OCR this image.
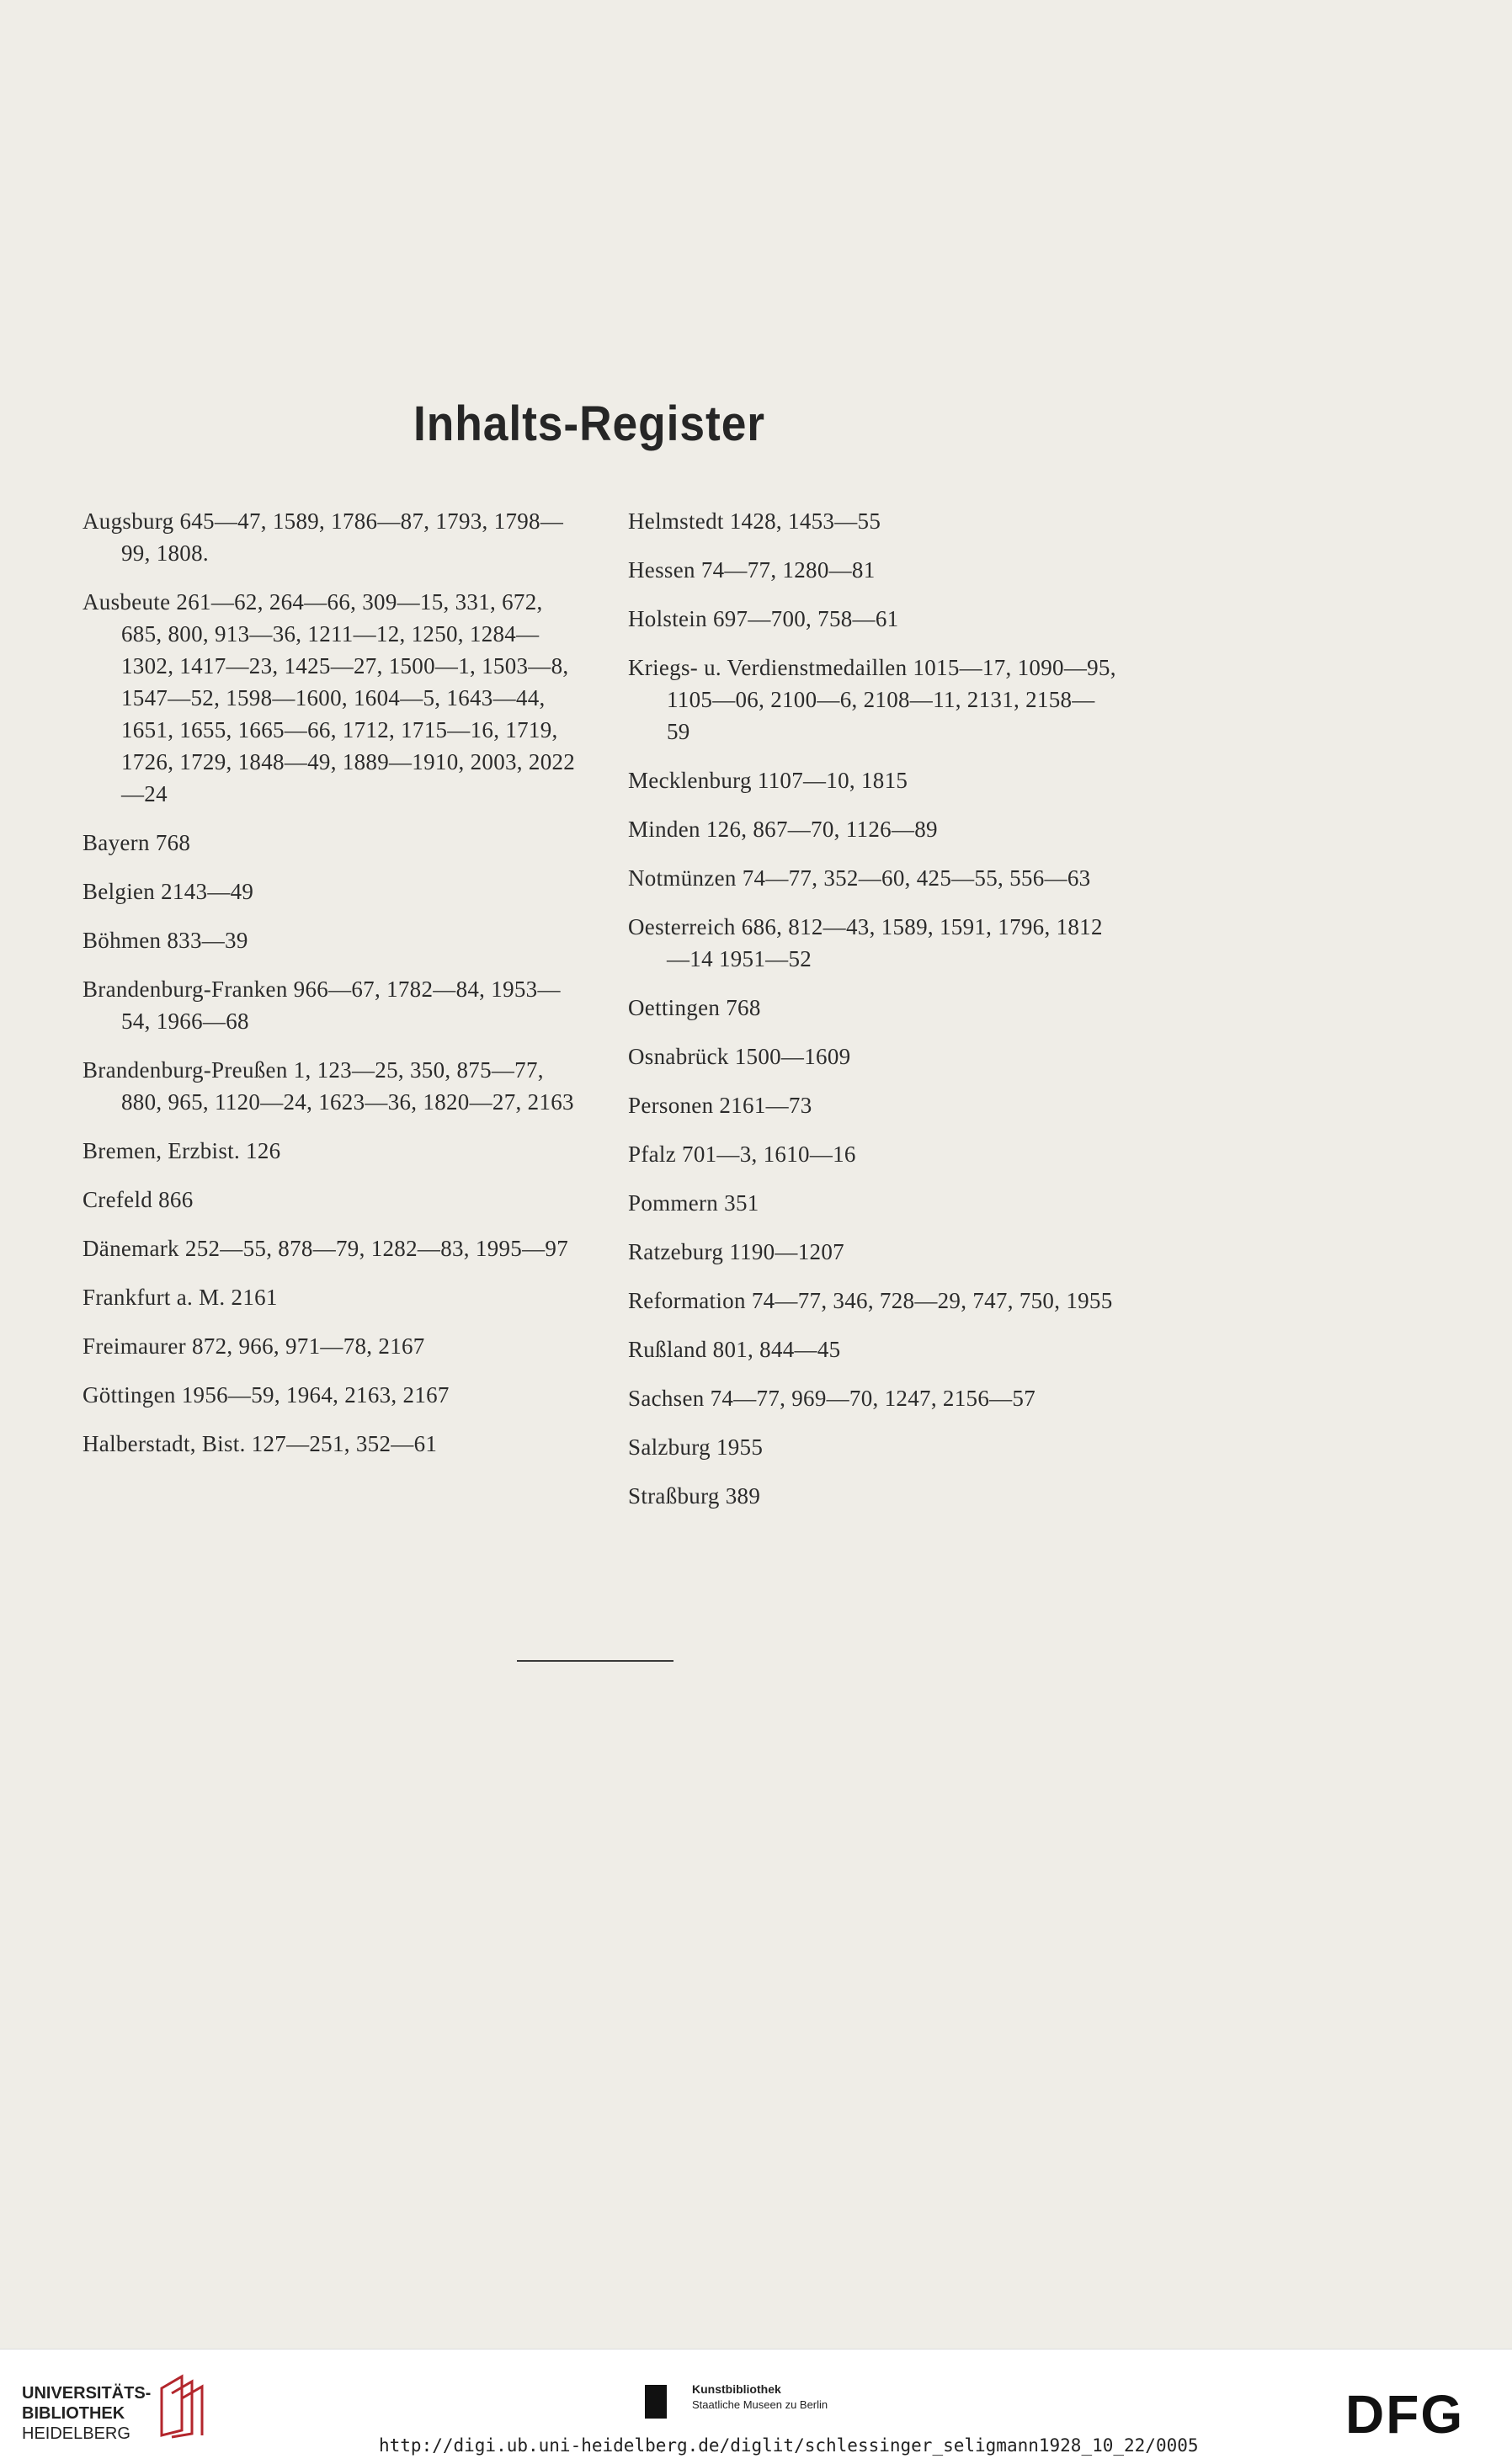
Inhalts-Register
Augsburg 645—47, 1589, 1786—87, 1793, 1798—99, 1808.
Ausbeute 261—62, 264—66, 309—15, 331, 672, 685, 800, 913—36, 1211—12, 1250, 1284—1302, 1417—23, 1425—27, 1500—1, 1503—8, 1547—52, 1598—1600, 1604—5, 1643—44, 1651, 1655, 1665—66, 1712, 1715—16, 1719, 1726, 1729, 1848—49, 1889—1910, 2003, 2022—24
Bayern 768
Belgien 2143—49
Böhmen 833—39
Brandenburg-Franken 966—67, 1782—84, 1953—54, 1966—68
Brandenburg-Preußen 1, 123—25, 350, 875—77, 880, 965, 1120—24, 1623—36, 1820—27, 2163
Bremen, Erzbist. 126
Crefeld 866
Dänemark 252—55, 878—79, 1282—83, 1995—97
Frankfurt a. M. 2161
Freimaurer 872, 966, 971—78, 2167
Göttingen 1956—59, 1964, 2163, 2167
Halberstadt, Bist. 127—251, 352—61
Helmstedt 1428, 1453—55
Hessen 74—77, 1280—81
Holstein 697—700, 758—61
Kriegs- u. Verdienstmedaillen 1015—17, 1090—95, 1105—06, 2100—6, 2108—11, 2131, 2158—59
Mecklenburg 1107—10, 1815
Minden 126, 867—70, 1126—89
Notmünzen 74—77, 352—60, 425—55, 556—63
Oesterreich 686, 812—43, 1589, 1591, 1796, 1812—14 1951—52
Oettingen 768
Osnabrück 1500—1609
Personen 2161—73
Pfalz 701—3, 1610—16
Pommern 351
Ratzeburg 1190—1207
Reformation 74—77, 346, 728—29, 747, 750, 1955
Rußland 801, 844—45
Sachsen 74—77, 969—70, 1247, 2156—57
Salzburg 1955
Straßburg 389
UNIVERSITÄTS-
BIBLIOTHEK
HEIDELBERG
Kunstbibliothek
Staatliche Museen zu Berlin	DFG
http://digi.ub.uni-heidelberg.de/diglit/schlessinger_seligmann1928_10_22/0005
